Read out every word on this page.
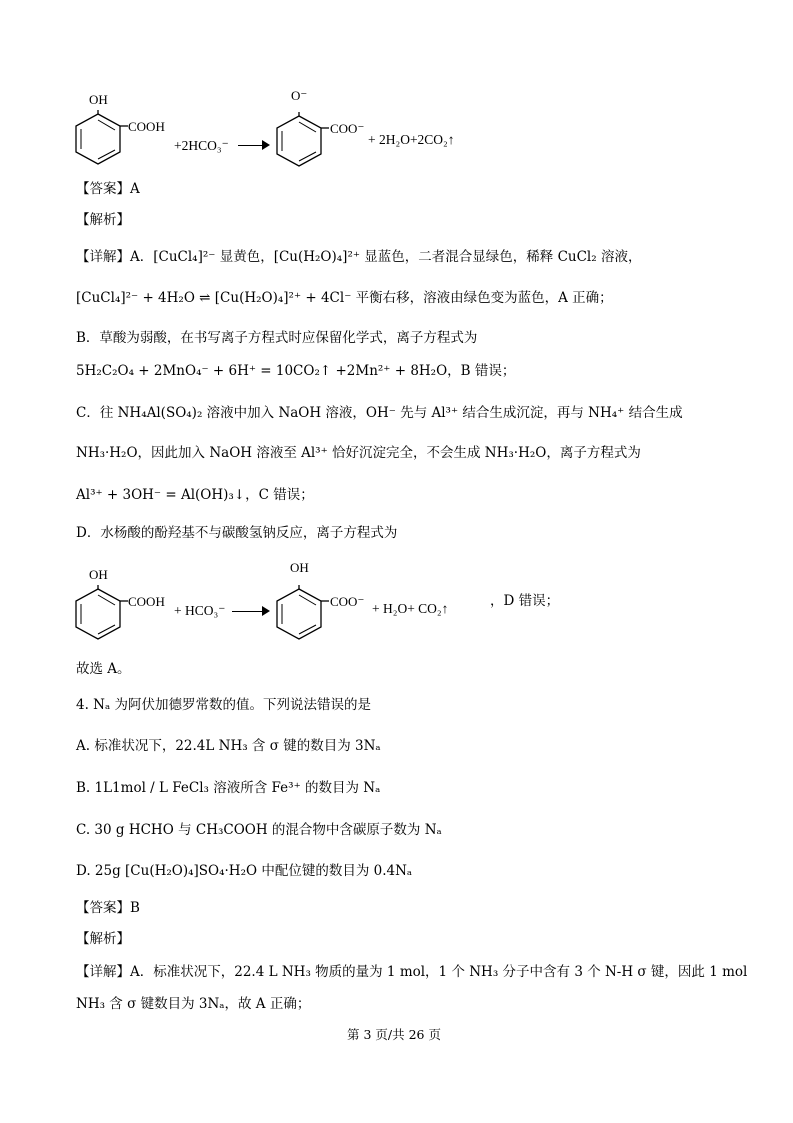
OH
COOH
+2HCO₃⁻
O⁻
COO⁻
+ 2H₂O+2CO₂↑
【答案】A
【解析】
【详解】A．[CuCl₄]²⁻ 显黄色，[Cu(H₂O)₄]²⁺ 显蓝色，二者混合显绿色，稀释 CuCl₂ 溶液，
[CuCl₄]²⁻ + 4H₂O ⇌ [Cu(H₂O)₄]²⁺ + 4Cl⁻ 平衡右移，溶液由绿色变为蓝色，A 正确；
B．草酸为弱酸，在书写离子方程式时应保留化学式，离子方程式为
5H₂C₂O₄ + 2MnO₄⁻ + 6H⁺ = 10CO₂↑ +2Mn²⁺ + 8H₂O，B 错误；
C．往 NH₄Al(SO₄)₂ 溶液中加入 NaOH 溶液，OH⁻ 先与 Al³⁺ 结合生成沉淀，再与 NH₄⁺ 结合生成
NH₃·H₂O，因此加入 NaOH 溶液至 Al³⁺ 恰好沉淀完全，不会生成 NH₃·H₂O，离子方程式为
Al³⁺ + 3OH⁻ = Al(OH)₃↓，C 错误；
D．水杨酸的酚羟基不与碳酸氢钠反应，离子方程式为
OH
COOH
+ HCO₃⁻
OH
COO⁻ + H₂O+ CO₂↑	，D 错误；
故选 A。
4. Nₐ 为阿伏加德罗常数的值。下列说法错误的是
A. 标准状况下，22.4L NH₃ 含 σ 键的数目为 3Nₐ
B. 1L1mol / L FeCl₃ 溶液所含 Fe³⁺ 的数目为 Nₐ
C. 30 g HCHO 与 CH₃COOH 的混合物中含碳原子数为 Nₐ
D. 25g [Cu(H₂O)₄]SO₄·H₂O 中配位键的数目为 0.4Nₐ
【答案】B
【解析】
【详解】A．标准状况下，22.4 L NH₃ 物质的量为 1 mol，1 个 NH₃ 分子中含有 3 个 N-H σ 键，因此 1 mol
NH₃ 含 σ 键数目为 3Nₐ，故 A 正确；
第 3 页/共 26 页
